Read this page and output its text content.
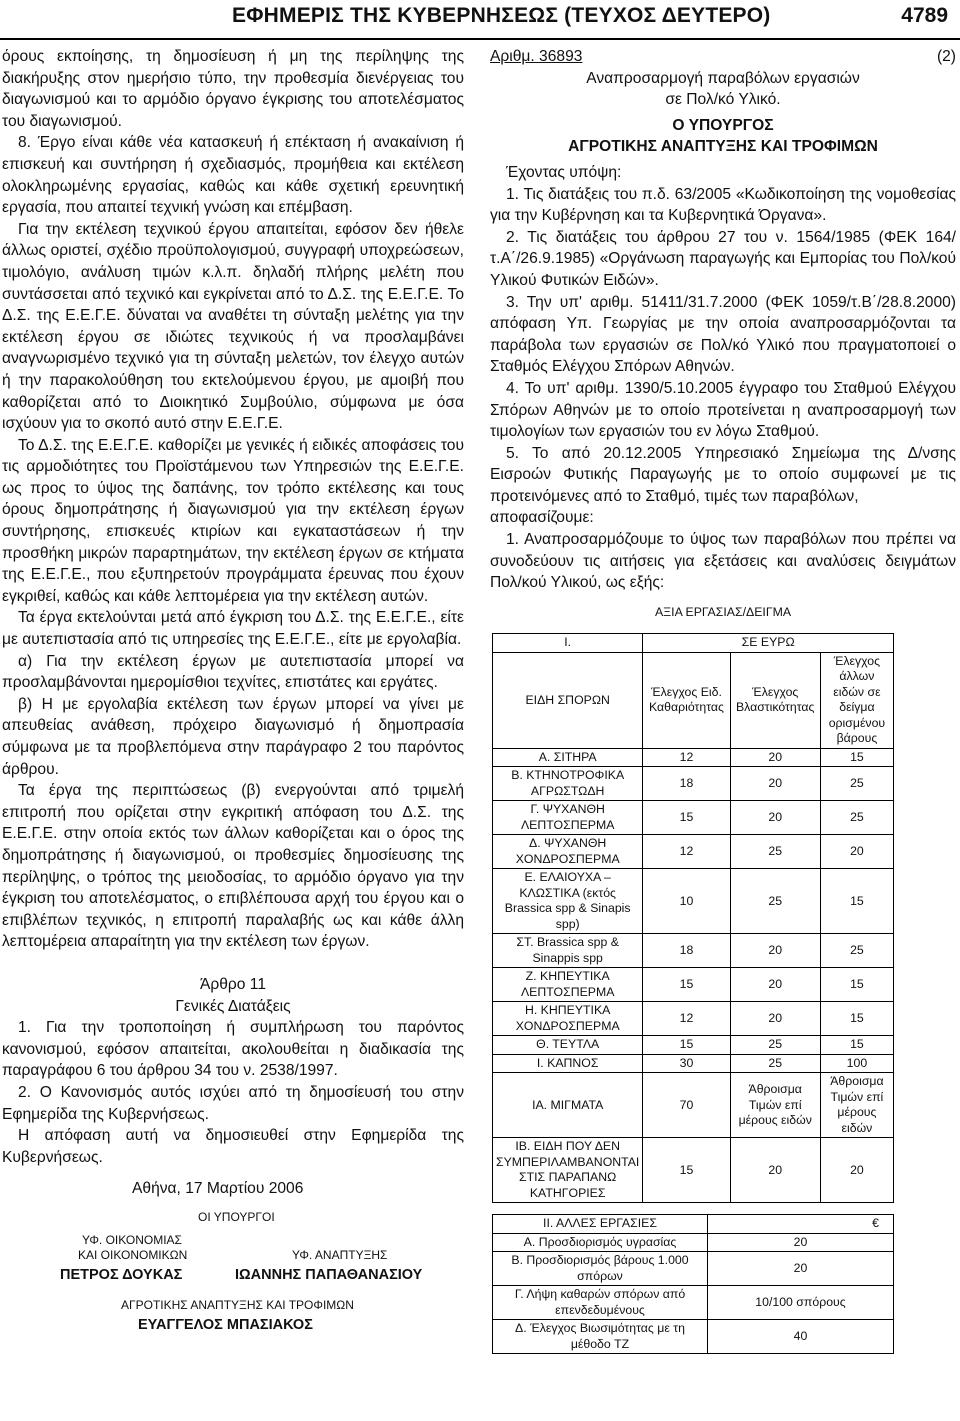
ΕΦΗΜΕΡΙΣ ΤΗΣ ΚΥΒΕΡΝΗΣΕΩΣ (ΤΕΥΧΟΣ ΔΕΥΤΕΡΟ)	4789

όρους εκποίησης, τη δημοσίευση ή μη της περίληψης της διακήρυξης στον ημερήσιο τύπο, την προθεσμία διενέργειας του διαγωνισμού και το αρμόδιο όργανο έγκρισης του αποτελέσματος του διαγωνισμού.

8. Έργο είναι κάθε νέα κατασκευή ή επέκταση ή ανακαίνιση ή επισκευή και συντήρηση ή σχεδιασμός, προμήθεια και εκτέλεση ολοκληρωμένης εργασίας, καθώς και κάθε σχετική ερευνητική εργασία, που απαιτεί τεχνική γνώση και επέμβαση.

Για την εκτέλεση τεχνικού έργου απαιτείται, εφόσον δεν ήθελε άλλως οριστεί, σχέδιο προϋπολογισμού, συγγραφή υποχρεώσεων, τιμολόγιο, ανάλυση τιμών κ.λ.π. δηλαδή πλήρης μελέτη που συντάσσεται από τεχνικό και εγκρίνεται από το Δ.Σ. της Ε.Ε.Γ.Ε. Το Δ.Σ. της Ε.Ε.Γ.Ε. δύναται να αναθέτει τη σύνταξη μελέτης για την εκτέλεση έργου σε ιδιώτες τεχνικούς ή να προσλαμβάνει αναγνωρισμένο τεχνικό για τη σύνταξη μελετών, τον έλεγχο αυτών ή την παρακολούθηση του εκτελούμενου έργου, με αμοιβή που καθορίζεται από το Διοικητικό Συμβούλιο, σύμφωνα με όσα ισχύουν για το σκοπό αυτό στην Ε.Ε.Γ.Ε.

Το Δ.Σ. της Ε.Ε.Γ.Ε. καθορίζει με γενικές ή ειδικές αποφάσεις του τις αρμοδιότητες του Προϊστάμενου των Υπηρεσιών της Ε.Ε.Γ.Ε. ως προς το ύψος της δαπάνης, τον τρόπο εκτέλεσης και τους όρους δημοπράτησης ή διαγωνισμού για την εκτέλεση έργων συντήρησης, επισκευές κτιρίων και εγκαταστάσεων ή την προσθήκη μικρών παραρτημάτων, την εκτέλεση έργων σε κτήματα της Ε.Ε.Γ.Ε., που εξυπηρετούν προγράμματα έρευνας που έχουν εγκριθεί, καθώς και κάθε λεπτομέρεια για την εκτέλεση αυτών.

Τα έργα εκτελούνται μετά από έγκριση του Δ.Σ. της Ε.Ε.Γ.Ε., είτε με αυτεπιστασία από τις υπηρεσίες της Ε.Ε.Γ.Ε., είτε με εργολαβία.

α) Για την εκτέλεση έργων με αυτεπιστασία μπορεί να προσλαμβάνονται ημερομίσθιοι τεχνίτες, επιστάτες και εργάτες.

β) Η με εργολαβία εκτέλεση των έργων μπορεί να γίνει με απευθείας ανάθεση, πρόχειρο διαγωνισμό ή δημοπρασία σύμφωνα με τα προβλεπόμενα στην παράγραφο 2 του παρόντος άρθρου.

Τα έργα της περιπτώσεως (β) ενεργούνται από τριμελή επιτροπή που ορίζεται στην εγκριτική απόφαση του Δ.Σ. της Ε.Ε.Γ.Ε. στην οποία εκτός των άλλων καθορίζεται και ο όρος της δημοπράτησης ή διαγωνισμού, οι προθεσμίες δημοσίευσης της περίληψης, ο τρόπος της μειοδοσίας, το αρμόδιο όργανο για την έγκριση του αποτελέσματος, ο επιβλέπουσα αρχή του έργου και ο επιβλέπων τεχνικός, η επιτροπή παραλαβής ως και κάθε άλλη λεπτομέρεια απαραίτητη για την εκτέλεση των έργων.

Άρθρο 11

Γενικές Διατάξεις

1. Για την τροποποίηση ή συμπλήρωση του παρόντος κανονισμού, εφόσον απαιτείται, ακολουθείται η διαδικασία της παραγράφου 6 του άρθρου 34 του ν. 2538/1997.

2. Ο Κανονισμός αυτός ισχύει από τη δημοσίευσή του στην Εφημερίδα της Κυβερνήσεως.

Η απόφαση αυτή να δημοσιευθεί στην Εφημερίδα της Κυβερνήσεως.

Αθήνα, 17 Μαρτίου 2006
ΟΙ ΥΠΟΥΡΓΟΙ
ΥΦ. ΟΙΚΟΝΟΜΙΑΣ
ΚΑΙ ΟΙΚΟΝΟΜΙΚΩΝ
ΠΕΤΡΟΣ ΔΟΥΚΑΣ
ΥΦ. ΑΝΑΠΤΥΞΗΣ
ΙΩΑΝΝΗΣ ΠΑΠΑΘΑΝΑΣΙΟΥ
ΑΓΡΟΤΙΚΗΣ ΑΝΑΠΤΥΞΗΣ ΚΑΙ ΤΡΟΦΙΜΩΝ
ΕΥΑΓΓΕΛΟΣ ΜΠΑΣΙΑΚΟΣ
Αριθμ. 36893	(2)

Αναπροσαρμογή παραβόλων εργασιών

σε Πολ/κό Υλικό.

Ο ΥΠΟΥΡΓΟΣ

ΑΓΡΟΤΙΚΗΣ ΑΝΑΠΤΥΞΗΣ ΚΑΙ ΤΡΟΦΙΜΩΝ

Έχοντας υπόψη:

1. Τις διατάξεις του π.δ. 63/2005 «Κωδικοποίηση της νομοθεσίας για την Κυβέρνηση και τα Κυβερνητικά Όργανα».

2. Τις διατάξεις του άρθρου 27 του ν. 1564/1985 (ΦΕΚ 164/τ.Α΄/26.9.1985) «Οργάνωση παραγωγής και Εμπορίας του Πολ/κού Υλικού Φυτικών Ειδών».

3. Την υπ' αριθμ. 51411/31.7.2000 (ΦΕΚ 1059/τ.Β΄/28.8.2000) απόφαση Υπ. Γεωργίας με την οποία αναπροσαρμόζονται τα παράβολα των εργασιών σε Πολ/κό Υλικό που πραγματοποιεί ο Σταθμός Ελέγχου Σπόρων Αθηνών.

4. Το υπ' αριθμ. 1390/5.10.2005 έγγραφο του Σταθμού Ελέγχου Σπόρων Αθηνών με το οποίο προτείνεται η αναπροσαρμογή των τιμολογίων των εργασιών του εν λόγω Σταθμού.

5. Το από 20.12.2005 Υπηρεσιακό Σημείωμα της Δ/νσης Εισροών Φυτικής Παραγωγής με το οποίο συμφωνεί με τις προτεινόμενες από το Σταθμό, τιμές των παραβόλων,

αποφασίζουμε:

1. Αναπροσαρμόζουμε το ύψος των παραβόλων που πρέπει να συνοδεύουν τις αιτήσεις για εξετάσεις και αναλύσεις δειγμάτων Πολ/κού Υλικού, ως εξής:

ΑΞΙΑ ΕΡΓΑΣΙΑΣ/ΔΕΙΓΜΑ
Ι.	ΣΕ ΕΥΡΩ		
ΕΙΔΗ ΣΠΟΡΩΝ	Έλεγχος Ειδ. Καθαριότητας	Έλεγχος Βλαστικότητας	Έλεγχος άλλων ειδών σε δείγμα ορισμένου βάρους
Α. ΣΙΤΗΡΑ	12	20	15
Β. ΚΤΗΝΟΤΡΟΦΙΚΑ ΑΓΡΩΣΤΩΔΗ	18	20	25
Γ. ΨΥΧΑΝΘΗ ΛΕΠΤΟΣΠΕΡΜΑ	15	20	25
Δ. ΨΥΧΑΝΘΗ ΧΟΝΔΡΟΣΠΕΡΜΑ	12	25	20
Ε. ΕΛΑΙΟΥΧΑ – ΚΛΩΣΤΙΚΑ (εκτός Brassica spp & Sinapis spp)	10	25	15
ΣΤ. Brassica spp & Sinappis spp	18	20	25
Ζ. ΚΗΠΕΥΤΙΚΑ ΛΕΠΤΟΣΠΕΡΜΑ	15	20	15
Η. ΚΗΠΕΥΤΙΚΑ ΧΟΝΔΡΟΣΠΕΡΜΑ	12	20	15
Θ. ΤΕΥΤΛΑ	15	25	15
Ι. ΚΑΠΝΟΣ	30	25	100
ΙΑ. ΜΙΓΜΑΤΑ	70	Άθροισμα Τιμών επί μέρους ειδών	Άθροισμα Τιμών επί μέρους ειδών
ΙΒ. ΕΙΔΗ ΠΟΥ ΔΕΝ ΣΥΜΠΕΡΙΛΑΜΒΑΝΟΝΤΑΙ ΣΤΙΣ ΠΑΡΑΠΑΝΩ ΚΑΤΗΓΟΡΙΕΣ	15	20	20
ΙΙ. ΑΛΛΕΣ ΕΡΓΑΣΙΕΣ	€
Α. Προσδιορισμός υγρασίας	20
Β. Προσδιορισμός βάρους 1.000 σπόρων	20
Γ. Λήψη καθαρών σπόρων από επενδεδυμένους	10/100 σπόρους
Δ. Έλεγχος Βιωσιμότητας με τη μέθοδο TZ	40
